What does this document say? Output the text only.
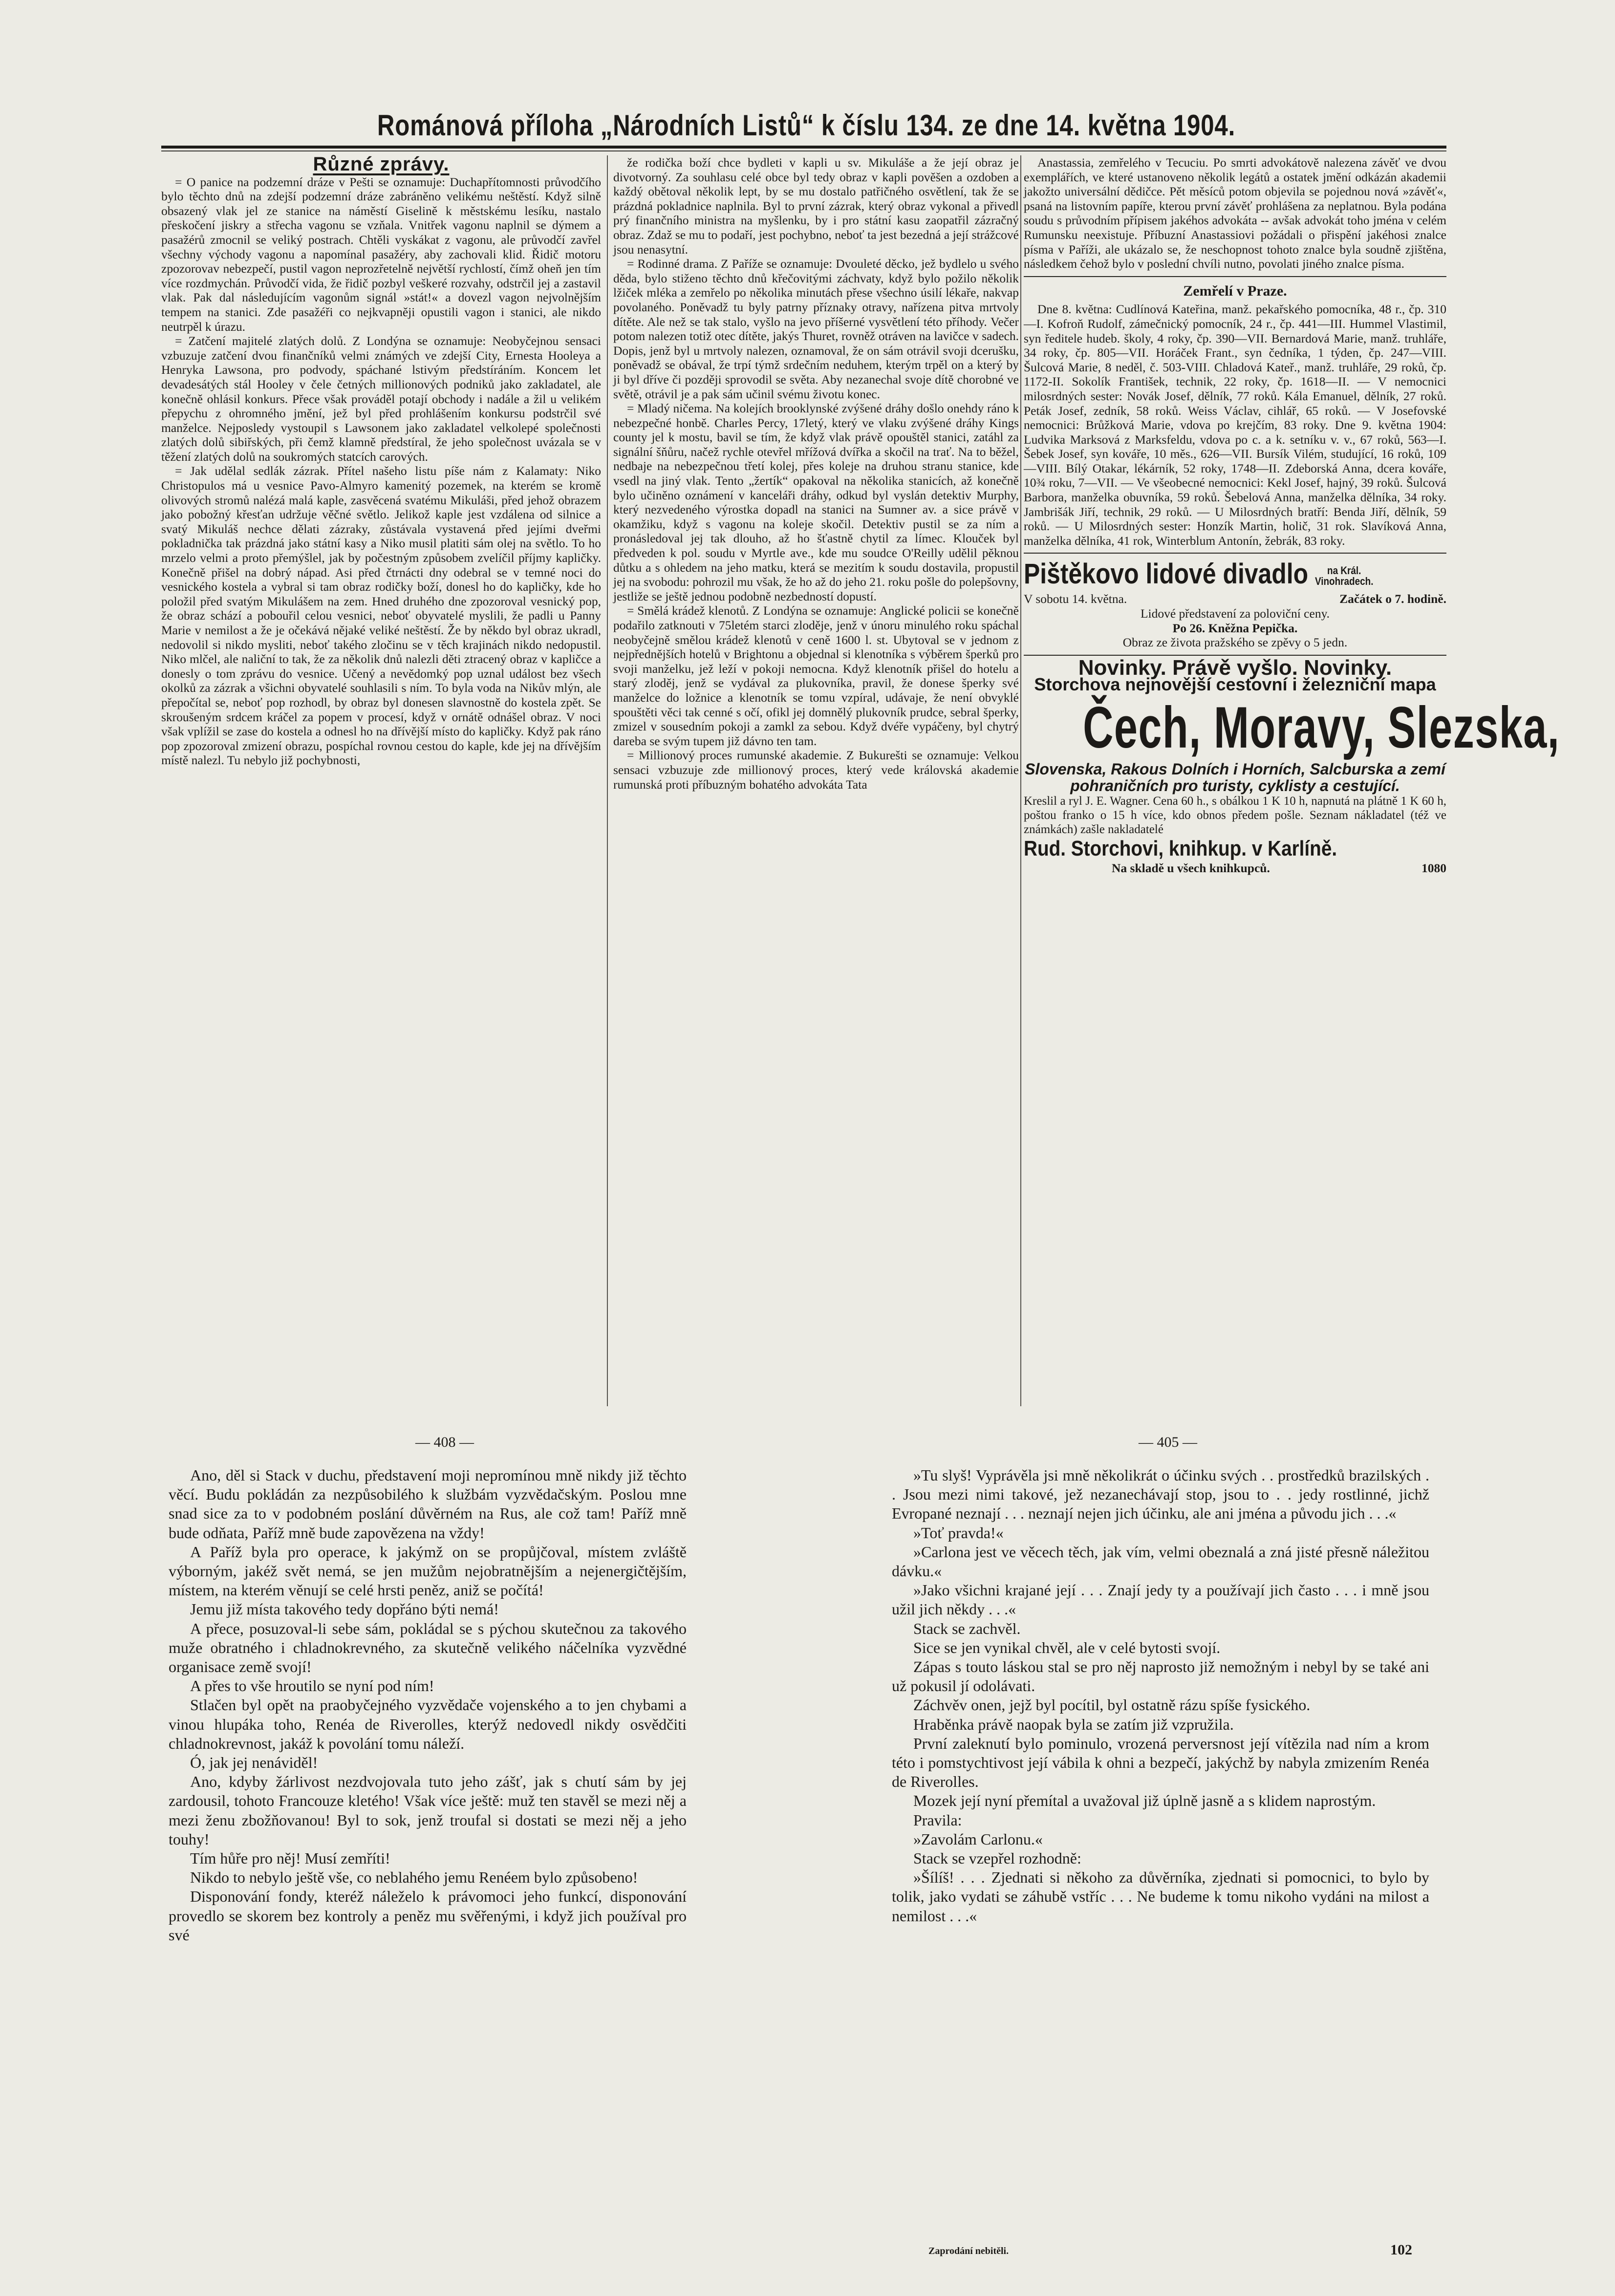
Románová příloha „Národních Listů“ k číslu 134. ze dne 14. května 1904.
Různé zprávy.

= O panice na podzemní dráze v Pešti se oznamuje: Duchapřítomnosti průvodčího bylo těchto dnů na zdejší podzemní dráze zabráněno velikému neštěstí. Když silně obsazený vlak jel ze stanice na náměstí Giselině k městskému lesíku, nastalo přeskočení jiskry a střecha vagonu se vzňala. Vnitřek vagonu naplnil se dýmem a pasažérů zmocnil se veliký postrach. Chtěli vyskákat z vagonu, ale průvodčí zavřel všechny východy vagonu a napomínal pasažéry, aby zachovali klid. Řidič motoru zpozorovav nebezpečí, pustil vagon neprozřetelně největší rychlostí, čímž oheň jen tím více rozdmychán. Průvodčí vida, že řidič pozbyl veškeré rozvahy, odstrčil jej a zastavil vlak. Pak dal následujícím vagonům signál »stát!« a dovezl vagon nejvolnějším tempem na stanici. Zde pasažéři co nejkvapněji opustili vagon i stanici, ale nikdo neutrpěl k úrazu.

= Zatčení majitelé zlatých dolů. Z Londýna se oznamuje: Neobyčejnou sensaci vzbuzuje zatčení dvou finančníků velmi známých ve zdejší City, Ernesta Hooleya a Henryka Lawsona, pro podvody, spáchané lstivým předstíráním. Koncem let devadesátých stál Hooley v čele četných millionových podniků jako zakladatel, ale konečně ohlásil konkurs. Přece však prováděl potají obchody i nadále a žil u velikém přepychu z ohromného jmění, jež byl před prohlášením konkursu podstrčil své manželce. Nejposledy vystoupil s Lawsonem jako zakladatel velkolepé společnosti zlatých dolů sibiřských, při čemž klamně předstíral, že jeho společnost uvázala se v těžení zlatých dolů na soukromých statcích carových.

= Jak udělal sedlák zázrak. Přítel našeho listu píše nám z Kalamaty: Niko Christopulos má u vesnice Pavo-Almyro kamenitý pozemek, na kterém se kromě olivových stromů nalézá malá kaple, zasvěcená svatému Mikuláši, před jehož obrazem jako pobožný křesťan udržuje věčné světlo. Jelikož kaple jest vzdálena od silnice a svatý Mikuláš nechce dělati zázraky, zůstávala vystavená před jejími dveřmi pokladnička tak prázdná jako státní kasy a Niko musil platiti sám olej na světlo. To ho mrzelo velmi a proto přemýšlel, jak by počestným způsobem zvelíčil příjmy kapličky. Konečně přišel na dobrý nápad. Asi před čtrnácti dny odebral se v temné noci do vesnického kostela a vybral si tam obraz rodičky boží, donesl ho do kapličky, kde ho položil před svatým Mikulášem na zem. Hned druhého dne zpozoroval vesnický pop, že obraz schází a pobouřil celou vesnici, neboť obyvatelé myslili, že padli u Panny Marie v nemilost a že je očekává nějaké veliké neštěstí. Že by někdo byl obraz ukradl, nedovolil si nikdo mysliti, neboť takého zločinu se v těch krajinách nikdo nedopustil. Niko mlčel, ale naliční to tak, že za několik dnů nalezli děti ztracený obraz v kapličce a donesly o tom zprávu do vesnice. Učený a nevědomký pop uznal událost bez všech okolků za zázrak a všichni obyvatelé souhlasili s ním. To byla voda na Nikův mlýn, ale přepočítal se, neboť pop rozhodl, by obraz byl donesen slavnostně do kostela zpět. Se skroušeným srdcem kráčel za popem v procesí, když v ornátě odnášel obraz. V noci však vplížil se zase do kostela a odnesl ho na dřívější místo do kapličky. Když pak ráno pop zpozoroval zmizení obrazu, pospíchal rovnou cestou do kaple, kde jej na dřívějším místě nalezl. Tu nebylo již pochybnosti,

že rodička boží chce bydleti v kapli u sv. Mikuláše a že její obraz je divotvorný. Za souhlasu celé obce byl tedy obraz v kapli pověšen a ozdoben a každý obětoval několik lept, by se mu dostalo patřičného osvětlení, tak že se prázdná pokladnice naplnila. Byl to první zázrak, který obraz vykonal a přivedl prý finančního ministra na myšlenku, by i pro státní kasu zaopatřil zázračný obraz. Zdaž se mu to podaří, jest pochybno, neboť ta jest bezedná a její strážcové jsou nenasytní.

= Rodinné drama. Z Paříže se oznamuje: Dvouleté děcko, jež bydlelo u svého děda, bylo stiženo těchto dnů křečovitými záchvaty, když bylo požilo několik lžiček mléka a zemřelo po několika minutách přese všechno úsilí lékaře, nakvap povolaného. Poněvadž tu byly patrny příznaky otravy, nařízena pitva mrtvoly dítěte. Ale než se tak stalo, vyšlo na jevo příšerné vysvětlení této příhody. Večer potom nalezen totiž otec dítěte, jakýs Thuret, rovněž otráven na lavičce v sadech. Dopis, jenž byl u mrtvoly nalezen, oznamoval, že on sám otrávil svoji dcerušku, poněvadž se obával, že trpí týmž srdečním neduhem, kterým trpěl on a který by ji byl dříve či později sprovodil se světa. Aby nezanechal svoje dítě chorobné ve světě, otrávil je a pak sám učinil svému životu konec.

= Mladý ničema. Na kolejích brooklynské zvýšené dráhy došlo onehdy ráno k nebezpečné honbě. Charles Percy, 17letý, který ve vlaku zvýšené dráhy Kings county jel k mostu, bavil se tím, že když vlak právě opouštěl stanici, zatáhl za signální šňůru, načež rychle otevřel mřížová dvířka a skočil na trať. Na to běžel, nedbaje na nebezpečnou třetí kolej, přes koleje na druhou stranu stanice, kde vsedl na jiný vlak. Tento „žertík“ opakoval na několika stanicích, až konečně bylo učiněno oznámení v kanceláři dráhy, odkud byl vyslán detektiv Murphy, který nezvedeného výrostka dopadl na stanici na Sumner av. a sice právě v okamžiku, když s vagonu na koleje skočil. Detektiv pustil se za ním a pronásledoval jej tak dlouho, až ho šťastně chytil za límec. Klouček byl předveden k pol. soudu v Myrtle ave., kde mu soudce O'Reilly udělil pěknou důtku a s ohledem na jeho matku, která se mezitím k soudu dostavila, propustil jej na svobodu: pohrozil mu však, že ho až do jeho 21. roku pošle do polepšovny, jestliže se ještě jednou podobně nezbedností dopustí.

= Smělá krádež klenotů. Z Londýna se oznamuje: Anglické policii se konečně podařilo zatknouti v 75letém starci zloděje, jenž v únoru minulého roku spáchal neobyčejně smělou krádež klenotů v ceně 1600 l. st. Ubytoval se v jednom z nejpřednějších hotelů v Brightonu a objednal si klenotníka s výběrem šperků pro svoji manželku, jež leží v pokoji nemocna. Když klenotník přišel do hotelu a starý zloděj, jenž se vydával za plukovníka, pravil, že donese šperky své manželce do ložnice a klenotník se tomu vzpíral, udávaje, že není obvyklé spouštěti věci tak cenné s očí, ofikl jej domnělý plukovník prudce, sebral šperky, zmizel v sousedním pokoji a zamkl za sebou. Když dvéře vypáčeny, byl chytrý dareba se svým tupem již dávno ten tam.

= Millionový proces rumunské akademie. Z Bukurešti se oznamuje: Velkou sensaci vzbuzuje zde millionový proces, který vede královská akademie rumunská proti příbuzným bohatého advokáta Tata

Anastassia, zemřelého v Tecuciu. Po smrti advokátově nalezena závěť ve dvou exemplářích, ve které ustanoveno několik legátů a ostatek jmění odkázán akademii jakožto universální dědičce. Pět měsíců potom objevila se pojednou nová »závěť«, psaná na listovním papíře, kterou první závěť prohlášena za neplatnou. Byla podána soudu s průvodním přípisem jakéhos advokáta -- avšak advokát toho jména v celém Rumunsku neexistuje. Příbuzní Anastassiovi požádali o přispění jakéhosi znalce písma v Paříži, ale ukázalo se, že neschopnost tohoto znalce byla soudně zjištěna, následkem čehož bylo v poslední chvíli nutno, povolati jiného znalce písma.

Zemřelí v Praze.

Dne 8. května: Cudlínová Kateřina, manž. pekařského pomocníka, 48 r., čp. 310—I. Kofroň Rudolf, zámečnický pomocník, 24 r., čp. 441—III. Hummel Vlastimil, syn ředitele hudeb. školy, 4 roky, čp. 390—VII. Bernardová Marie, manž. truhláře, 34 roky, čp. 805—VII. Horáček Frant., syn čedníka, 1 týden, čp. 247—VIII. Šulcová Marie, 8 neděl, č. 503-VIII. Chladová Kateř., manž. truhláře, 29 roků, čp. 1172-II. Sokolík František, technik, 22 roky, čp. 1618—II. — V nemocnici milosrdných sester: Novák Josef, dělník, 77 roků. Kála Emanuel, dělník, 27 roků. Peták Josef, zedník, 58 roků. Weiss Václav, cihlář, 65 roků. — V Josefovské nemocnici: Brůžková Marie, vdova po krejčím, 83 roky. Dne 9. května 1904: Ludvika Marksová z Marksfeldu, vdova po c. a k. setníku v. v., 67 roků, 563—I. Šebek Josef, syn kováře, 10 měs., 626—VII. Bursík Vilém, studující, 16 roků, 109—VIII. Bílý Otakar, lékárník, 52 roky, 1748—II. Zdeborská Anna, dcera kováře, 10¾ roku, 7—VII. — Ve všeobecné nemocnici: Kekl Josef, hajný, 39 roků. Šulcová Barbora, manželka obuvníka, 59 roků. Šebelová Anna, manželka dělníka, 34 roky. Jambrišák Jiří, technik, 29 roků. — U Milosrdných bratří: Benda Jiří, dělník, 59 roků. — U Milosrdných sester: Honzík Martin, holič, 31 rok. Slavíková Anna, manželka dělníka, 41 rok, Winterblum Antonín, žebrák, 83 roky.

Pištěkovo lidové divadlo na Král.
Vinohradech.
V sobotu 14. května.	Začátek o 7. hodině.
Lidové představení za poloviční ceny.
Po 26. Kněžna Pepička.
Obraz ze života pražského se zpěvy o 5 jedn.
Novinky. Právě vyšlo. Novinky.
Storchova nejnovější cestovní i železniční mapa
Čech, Moravy, Slezska,
Slovenska, Rakous Dolních i Horních, Salcburska a zemí pohraničních pro turisty, cyklisty a cestující.
Kreslil a ryl J. E. Wagner. Cena 60 h., s obálkou 1 K 10 h, napnutá na plátně 1 K 60 h, poštou franko o 15 h více, kdo obnos předem pošle. Seznam nákladatel (též ve známkách) zašle nakladatelé
Rud. Storchovi, knihkup. v Karlíně.
Na skladě u všech knihkupců.	1080
— 408 —	— 405 —

Ano, děl si Stack v duchu, představení moji nepromínou mně nikdy již těchto věcí. Budu pokládán za nezpůsobilého k službám vyzvědačským. Poslou mne snad sice za to v podobném poslání důvěrném na Rus, ale což tam! Paříž mně bude odňata, Paříž mně bude zapovězena na vždy!

A Paříž byla pro operace, k jakýmž on se propůjčoval, místem zvláště výborným, jakéž svět nemá, se jen mužům nejobratnějším a nejenergičtějším, místem, na kterém věnují se celé hrsti peněz, aniž se počítá!

Jemu již místa takového tedy dopřáno býti nemá!

A přece, posuzoval-li sebe sám, pokládal se s pýchou skutečnou za takového muže obratného i chladnokrevného, za skutečně velikého náčelníka vyzvědné organisace země svojí!

A přes to vše hroutilo se nyní pod ním!

Stlačen byl opět na praobyčejného vyzvědače vojenského a to jen chybami a vinou hlupáka toho, Renéa de Riverolles, kterýž nedovedl nikdy osvědčiti chladnokrevnost, jakáž k povolání tomu náleží.

Ó, jak jej nenáviděl!

Ano, kdyby žárlivost nezdvojovala tuto jeho zášť, jak s chutí sám by jej zardousil, tohoto Francouze kletého! Však více ještě: muž ten stavěl se mezi něj a mezi ženu zbožňovanou! Byl to sok, jenž troufal si dostati se mezi něj a jeho touhy!

Tím hůře pro něj! Musí zemříti!

Nikdo to nebylo ještě vše, co neblahého jemu Renéem bylo způsobeno!

Disponování fondy, kteréž náleželo k právomoci jeho funkcí, disponování provedlo se skorem bez kontroly a peněz mu svěřenými, i když jich používal pro své

»Tu slyš! Vyprávěla jsi mně několikrát o účinku svých . . prostředků brazilských . . Jsou mezi nimi takové, jež nezanechávají stop, jsou to . . jedy rostlinné, jichž Evropané neznají . . . neznají nejen jich účinku, ale ani jména a původu jich . . .«

»Toť pravda!«

»Carlona jest ve věcech těch, jak vím, velmi obeznalá a zná jisté přesně náležitou dávku.«

»Jako všichni krajané její . . . Znají jedy ty a používají jich často . . . i mně jsou užil jich někdy . . .«

Stack se zachvěl.

Sice se jen vynikal chvěl, ale v celé bytosti svojí.

Zápas s touto láskou stal se pro něj naprosto již nemožným i nebyl by se také ani už pokusil jí odolávati.

Záchvěv onen, jejž byl pocítil, byl ostatně rázu spíše fysického.

Hraběnka právě naopak byla se zatím již vzpružila.

První zaleknutí bylo pominulo, vrozená perversnost její vítězila nad ním a krom této i pomstychtivost její vábila k ohni a bezpečí, jakýchž by nabyla zmizením Renéa de Riverolles.

Mozek její nyní přemítal a uvažoval již úplně jasně a s klidem naprostým.

Pravila:

»Zavolám Carlonu.«

Stack se vzepřel rozhodně:

»Šílíš! . . . Zjednati si někoho za důvěrníka, zjednati si pomocnici, to bylo by tolik, jako vydati se záhubě vstříc . . . Ne budeme k tomu nikoho vydáni na milost a nemilost . . .«

Zaprodání nebitěli.	102
